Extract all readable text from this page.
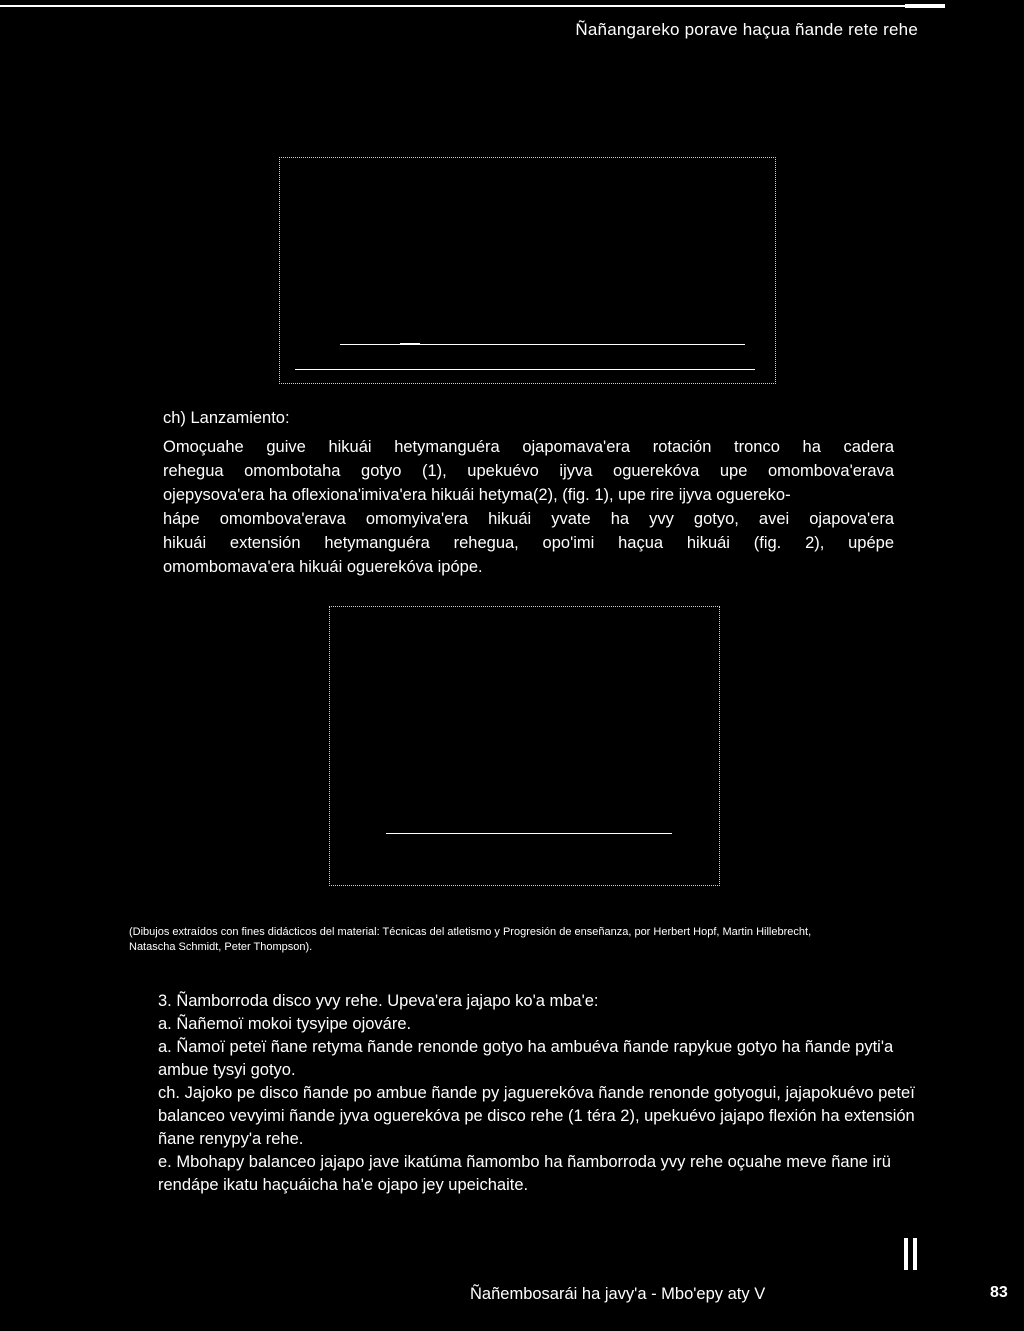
Ñañangareko porave haçua ñande rete rehe
ch) Lanzamiento:
Omoçuahe guive hikuái hetymanguéra ojapomava'era rotación tronco ha cadera
rehegua omombotaha gotyo (1), upekuévo ijyva oguerekóva upe omombova'erava
ojepysova'era ha oflexiona'imiva'era hikuái hetyma(2), (fig. 1), upe rire ijyva oguereko-
hápe omombova'erava omomyiva'era hikuái yvate ha yvy gotyo, avei ojapova'era
hikuái extensión hetymanguéra rehegua, opo'imi haçua hikuái (fig. 2), upépe
omombomava'era hikuái oguerekóva ipópe.
(Dibujos extraídos con fines didácticos del material: Técnicas del atletismo y Progresión de enseñanza, por Herbert Hopf, Martin Hillebrecht,
Natascha Schmidt, Peter Thompson).

3. Ñamborroda disco yvy rehe. Upeva'era jajapo ko'a mba'e:

a. Ñañemoï mokoi tysyipe ojováre.

a. Ñamoï peteï ñane retyma ñande renonde gotyo ha ambuéva ñande rapykue gotyo ha ñande pyti'a ambue tysyi gotyo.

ch. Jajoko pe disco ñande po ambue ñande py jaguerekóva ñande renonde gotyogui, jajapokuévo peteï balanceo vevyimi ñande jyva oguerekóva pe disco rehe (1 téra 2), upekuévo jajapo flexión ha extensión ñane renypy'a rehe.

e. Mbohapy balanceo jajapo jave ikatúma ñamombo ha ñamborroda yvy rehe oçuahe meve ñane irü rendápe ikatu haçuáicha ha'e ojapo jey upeichaite.

Ñañembosarái ha javy'a - Mbo'epy aty V	83
